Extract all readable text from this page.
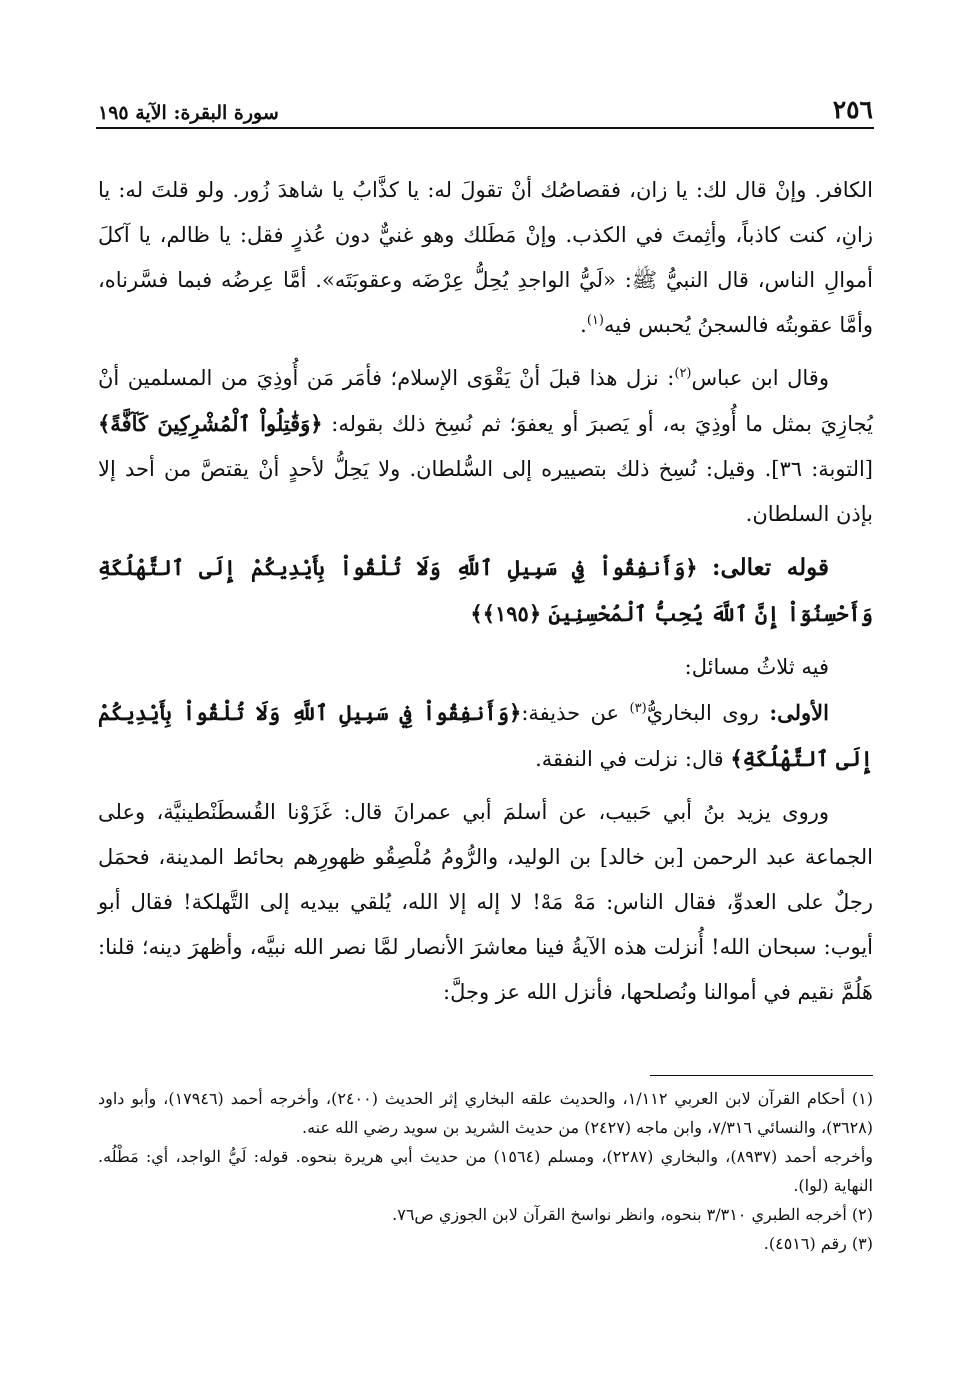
٢٥٦
سورة البقرة: الآية ١٩٥

الكافر. وإنْ قال لك: يا زان، فقصاصُك أنْ تقولَ له: يا كذَّابُ يا شاهدَ زُور. ولو قلتَ له: يا زانِ، كنت كاذباً، وأثِمتَ في الكذب. وإنْ مَطَلك وهو غنيٌّ دون عُذرٍ فقل: يا ظالم، يا آكلَ أموالِ الناس، قال النبيُّ ﷺ: «لَيُّ الواجدِ يُحِلُّ عِرْضَه وعقوبَتَه». أمَّا عِرضُه فبما فسَّرناه، وأمَّا عقوبتُه فالسجنُ يُحبس فيه$^{(١)}$.

وقال ابن عباس$^{(٢)}$: نزل هذا قبلَ أنْ يَقْوَى الإسلام؛ فأمَر مَن أُوذِيَ من المسلمين أنْ يُجازِيَ بمثل ما أُوذِيَ به، أو يَصبرَ أو يعفوَ؛ ثم نُسِخ ذلك بقوله: ﴿وَقَٰتِلُواْ ٱلْمُشْرِكِينَ كَآفَّةً﴾ [التوبة: ٣٦]. وقيل: نُسِخ ذلك بتصييره إلى السُّلطان. ولا يَحِلُّ لأحدٍ أنْ يقتصَّ من أحد إلا بإذن السلطان.

قوله تعالى: ﴿وَأَنفِقُواْ فِي سَبِيلِ ٱللَّهِ وَلَا تُلْقُواْ بِأَيْدِيكُمْ إِلَى ٱلتَّهْلُكَةِ وَأَحْسِنُوٓاْ إِنَّ ٱللَّهَ يُحِبُّ ٱلْمُحْسِنِينَ ﴿١٩٥﴾﴾

فيه ثلاثُ مسائل:

الأولى: روى البخاريُّ$^{(٣)}$ عن حذيفة:﴿وَأَنفِقُواْ فِي سَبِيلِ ٱللَّهِ وَلَا تُلْقُواْ بِأَيْدِيكُمْ إِلَى ٱلتَّهْلُكَةِ﴾ قال: نزلت في النفقة.

وروى يزيد بنُ أبي حَبيب، عن أسلمَ أبي عمرانَ قال: غَزَوْنا القُسطَنْطينيَّة، وعلى الجماعة عبد الرحمن [بن خالد] بن الوليد، والرُّومُ مُلْصِقُو ظهورِهم بحائط المدينة، فحمَل رجلٌ على العدوِّ، فقال الناس: مَهْ مَهْ! لا إله إلا الله، يُلقي بيديه إلى التَّهلكة! فقال أبو أيوب: سبحان الله! أُنزلت هذه الآيةُ فينا معاشرَ الأنصار لمَّا نصر الله نبيَّه، وأظهرَ دينه؛ قلنا: هَلُمَّ نقيم في أموالنا ونُصلحها، فأنزل الله عز وجلَّ:

(١) أحكام القرآن لابن العربي ١/١١٢، والحديث علقه البخاري إثر الحديث (٢٤٠٠)، وأخرجه أحمد (١٧٩٤٦)، وأبو داود (٣٦٢٨)، والنسائي ٧/٣١٦، وابن ماجه (٢٤٢٧) من حديث الشريد بن سويد رضي الله عنه.

وأخرجه أحمد (٨٩٣٧)، والبخاري (٢٢٨٧)، ومسلم (١٥٦٤) من حديث أبي هريرة بنحوه. قوله: لَيُّ الواجد، أي: مَطْلُه. النهاية (لوا).

(٢) أخرجه الطبري ٣/٣١٠ بنحوه، وانظر نواسخ القرآن لابن الجوزي ص٧٦.

(٣) رقم (٤٥١٦).
